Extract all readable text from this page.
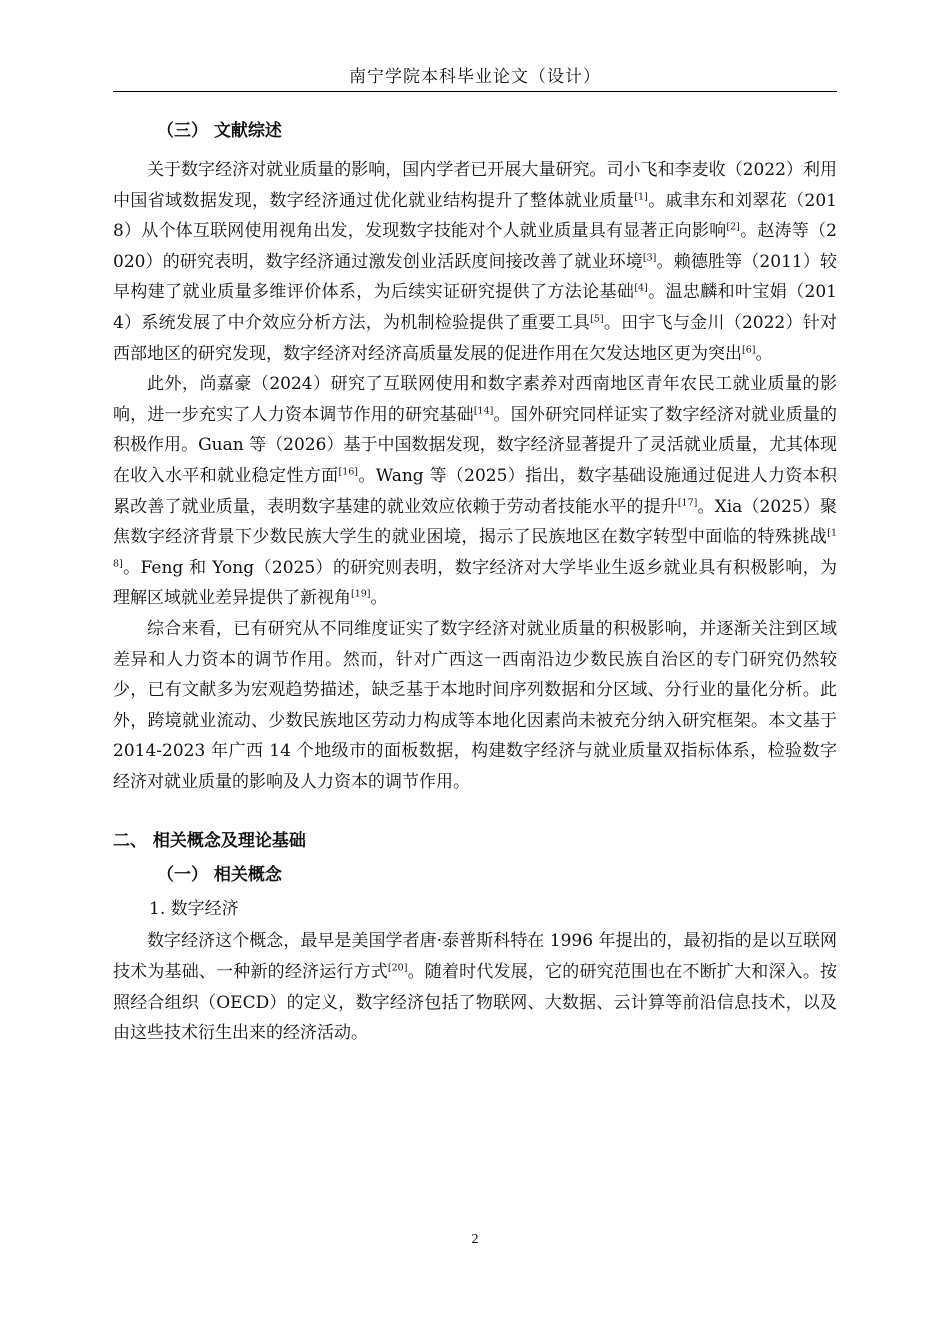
南宁学院本科毕业论文（设计）
（三） 文献综述

关于数字经济对就业质量的影响，国内学者已开展大量研究。司小飞和李麦收（2022）利用中国省域数据发现，数字经济通过优化就业结构提升了整体就业质量[1]。戚聿东和刘翠花（2018）从个体互联网使用视角出发，发现数字技能对个人就业质量具有显著正向影响[2]。赵涛等（2020）的研究表明，数字经济通过激发创业活跃度间接改善了就业环境[3]。赖德胜等（2011）较早构建了就业质量多维评价体系，为后续实证研究提供了方法论基础[4]。温忠麟和叶宝娟（2014）系统发展了中介效应分析方法，为机制检验提供了重要工具[5]。田宇飞与金川（2022）针对西部地区的研究发现，数字经济对经济高质量发展的促进作用在欠发达地区更为突出[6]。

此外，尚嘉豪（2024）研究了互联网使用和数字素养对西南地区青年农民工就业质量的影响，进一步充实了人力资本调节作用的研究基础[14]。国外研究同样证实了数字经济对就业质量的积极作用。Guan 等（2026）基于中国数据发现，数字经济显著提升了灵活就业质量，尤其体现在收入水平和就业稳定性方面[16]。Wang 等（2025）指出，数字基础设施通过促进人力资本积累改善了就业质量，表明数字基建的就业效应依赖于劳动者技能水平的提升[17]。Xia（2025）聚焦数字经济背景下少数民族大学生的就业困境，揭示了民族地区在数字转型中面临的特殊挑战[18]。Feng 和 Yong（2025）的研究则表明，数字经济对大学毕业生返乡就业具有积极影响，为理解区域就业差异提供了新视角[19]。

综合来看，已有研究从不同维度证实了数字经济对就业质量的积极影响，并逐渐关注到区域差异和人力资本的调节作用。然而，针对广西这一西南沿边少数民族自治区的专门研究仍然较少，已有文献多为宏观趋势描述，缺乏基于本地时间序列数据和分区域、分行业的量化分析。此外，跨境就业流动、少数民族地区劳动力构成等本地化因素尚未被充分纳入研究框架。本文基于 2014-2023 年广西 14 个地级市的面板数据，构建数字经济与就业质量双指标体系，检验数字经济对就业质量的影响及人力资本的调节作用。

二、 相关概念及理论基础
（一） 相关概念

1. 数字经济

数字经济这个概念，最早是美国学者唐·泰普斯科特在 1996 年提出的，最初指的是以互联网技术为基础、一种新的经济运行方式[20]。随着时代发展，它的研究范围也在不断扩大和深入。按照经合组织（OECD）的定义，数字经济包括了物联网、大数据、云计算等前沿信息技术，以及由这些技术衍生出来的经济活动。

2
